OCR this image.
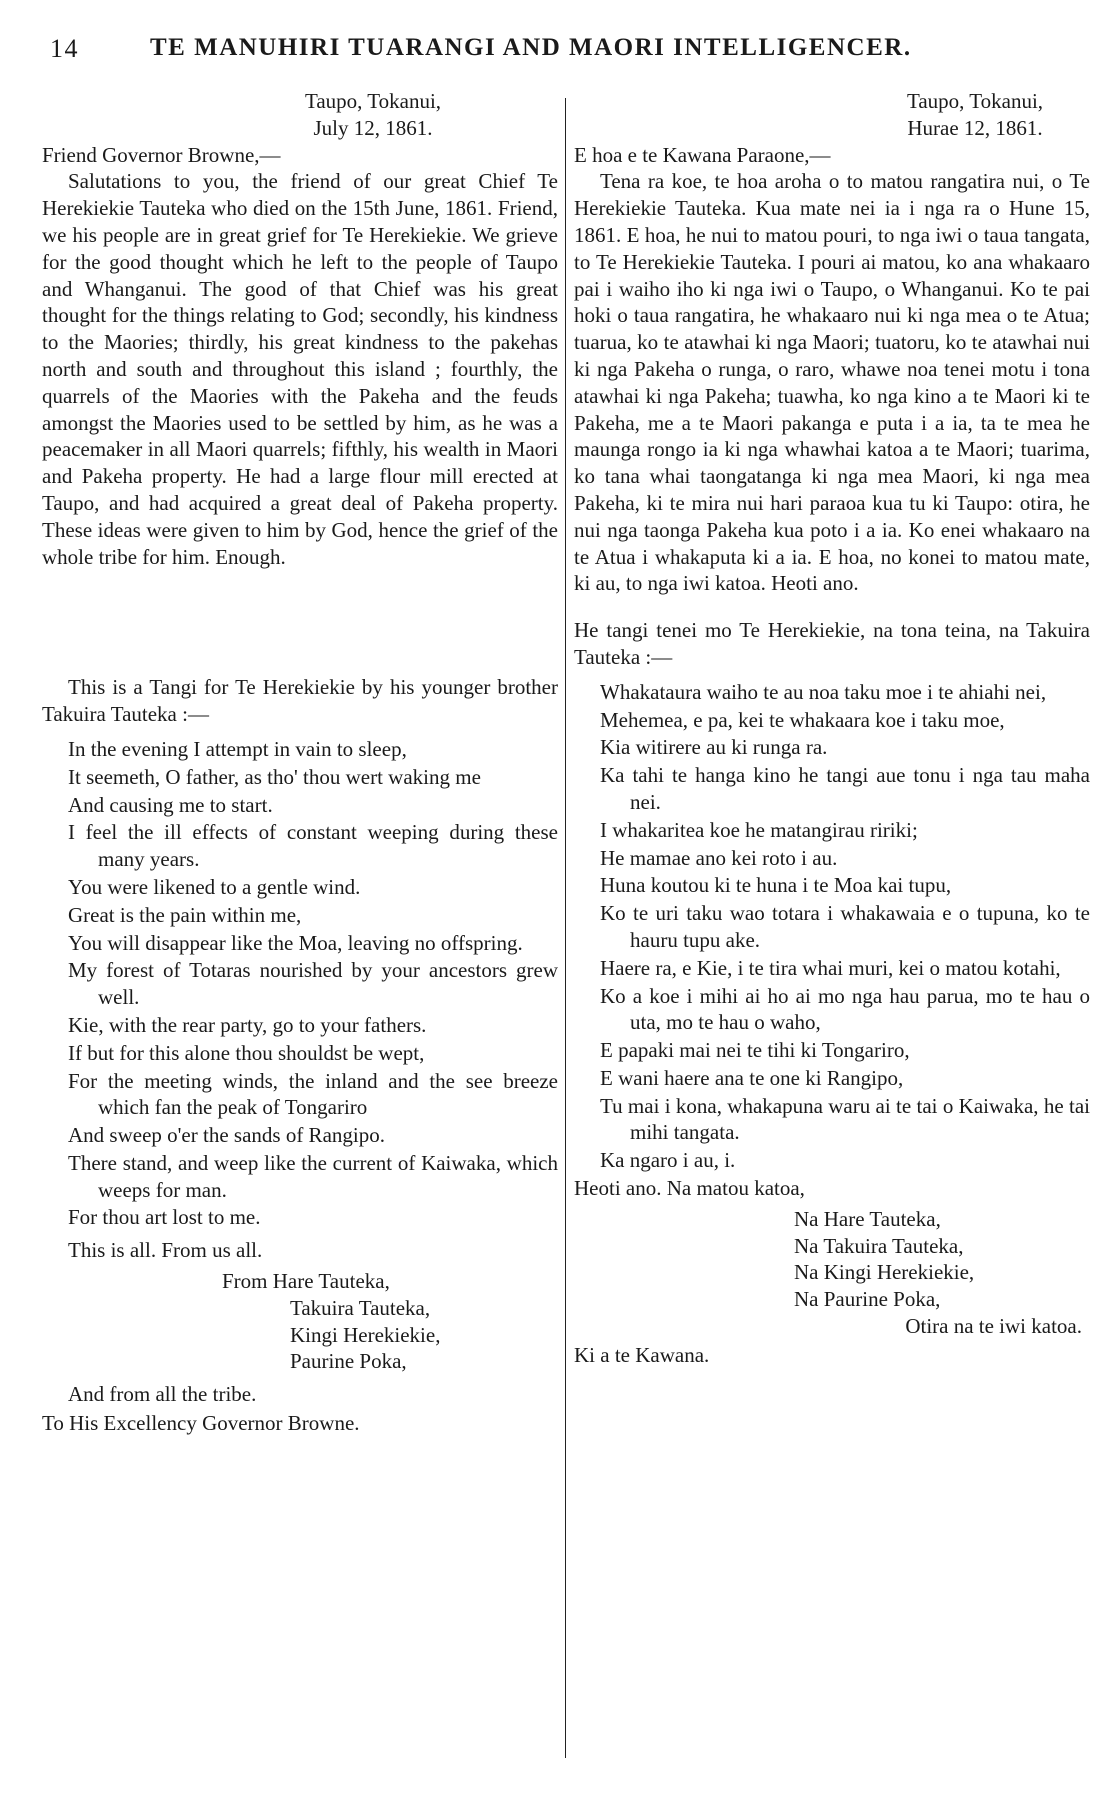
14	TE MANUHIRI TUARANGI AND MAORI INTELLIGENCER.
Taupo, Tokanui,
July 12, 1861.

Friend Governor Browne,—

Salutations to you, the friend of our great Chief Te Herekiekie Tauteka who died on the 15th June, 1861. Friend, we his people are in great grief for Te Herekiekie. We grieve for the good thought which he left to the people of Taupo and Whanganui. The good of that Chief was his great thought for the things relating to God; secondly, his kindness to the Maories; thirdly, his great kindness to the pakehas north and south and throughout this island ; fourthly, the quarrels of the Maories with the Pakeha and the feuds amongst the Maories used to be settled by him, as he was a peacemaker in all Maori quarrels; fifthly, his wealth in Maori and Pakeha property. He had a large flour mill erected at Taupo, and had acquired a great deal of Pakeha property. These ideas were given to him by God, hence the grief of the whole tribe for him. Enough.

This is a Tangi for Te Herekiekie by his younger brother Takuira Tauteka :—

In the evening I attempt in vain to sleep,
It seemeth, O father, as tho' thou wert waking me
And causing me to start.
I feel the ill effects of constant weeping during these many years.
You were likened to a gentle wind.
Great is the pain within me,
You will disappear like the Moa, leaving no offspring.
My forest of Totaras nourished by your ancestors grew well.
Kie, with the rear party, go to your fathers.
If but for this alone thou shouldst be wept,
For the meeting winds, the inland and the see breeze which fan the peak of Tongariro
And sweep o'er the sands of Rangipo.
There stand, and weep like the current of Kaiwaka, which weeps for man.
For thou art lost to me.

This is all. From us all.

From Hare Tauteka,
Takuira Tauteka,
Kingi Herekiekie,
Paurine Poka,

And from all the tribe.

To His Excellency Governor Browne.

Taupo, Tokanui,
Hurae 12, 1861.

E hoa e te Kawana Paraone,—

Tena ra koe, te hoa aroha o to matou rangatira nui, o Te Herekiekie Tauteka. Kua mate nei ia i nga ra o Hune 15, 1861. E hoa, he nui to matou pouri, to nga iwi o taua tangata, to Te Herekiekie Tauteka. I pouri ai matou, ko ana whakaaro pai i waiho iho ki nga iwi o Taupo, o Whanganui. Ko te pai hoki o taua rangatira, he whakaaro nui ki nga mea o te Atua; tuarua, ko te atawhai ki nga Maori; tuatoru, ko te atawhai nui ki nga Pakeha o runga, o raro, whawe noa tenei motu i tona atawhai ki nga Pakeha; tuawha, ko nga kino a te Maori ki te Pakeha, me a te Maori pakanga e puta i a ia, ta te mea he maunga rongo ia ki nga whawhai katoa a te Maori; tuarima, ko tana whai taongatanga ki nga mea Maori, ki nga mea Pakeha, ki te mira nui hari paraoa kua tu ki Taupo: otira, he nui nga taonga Pakeha kua poto i a ia. Ko enei whakaaro na te Atua i whakaputa ki a ia. E hoa, no konei to matou mate, ki au, to nga iwi katoa. Heoti ano.

He tangi tenei mo Te Herekiekie, na tona teina, na Takuira Tauteka :—

Whakataura waiho te au noa taku moe i te ahiahi nei,
Mehemea, e pa, kei te whakaara koe i taku moe,
Kia witirere au ki runga ra.
Ka tahi te hanga kino he tangi aue tonu i nga tau maha nei.
I whakaritea koe he matangirau ririki;
He mamae ano kei roto i au.
Huna koutou ki te huna i te Moa kai tupu,
Ko te uri taku wao totara i whakawaia e o tupuna, ko te hauru tupu ake.
Haere ra, e Kie, i te tira whai muri, kei o matou kotahi,
Ko a koe i mihi ai ho ai mo nga hau parua, mo te hau o uta, mo te hau o waho,
E papaki mai nei te tihi ki Tongariro,
E wani haere ana te one ki Rangipo,
Tu mai i kona, whakapuna waru ai te tai o Kaiwaka, he tai mihi tangata.
Ka ngaro i au, i.

Heoti ano. Na matou katoa,

Na Hare Tauteka,
Na Takuira Tauteka,
Na Kingi Herekiekie,
Na Paurine Poka,

Otira na te iwi katoa.

Ki a te Kawana.
